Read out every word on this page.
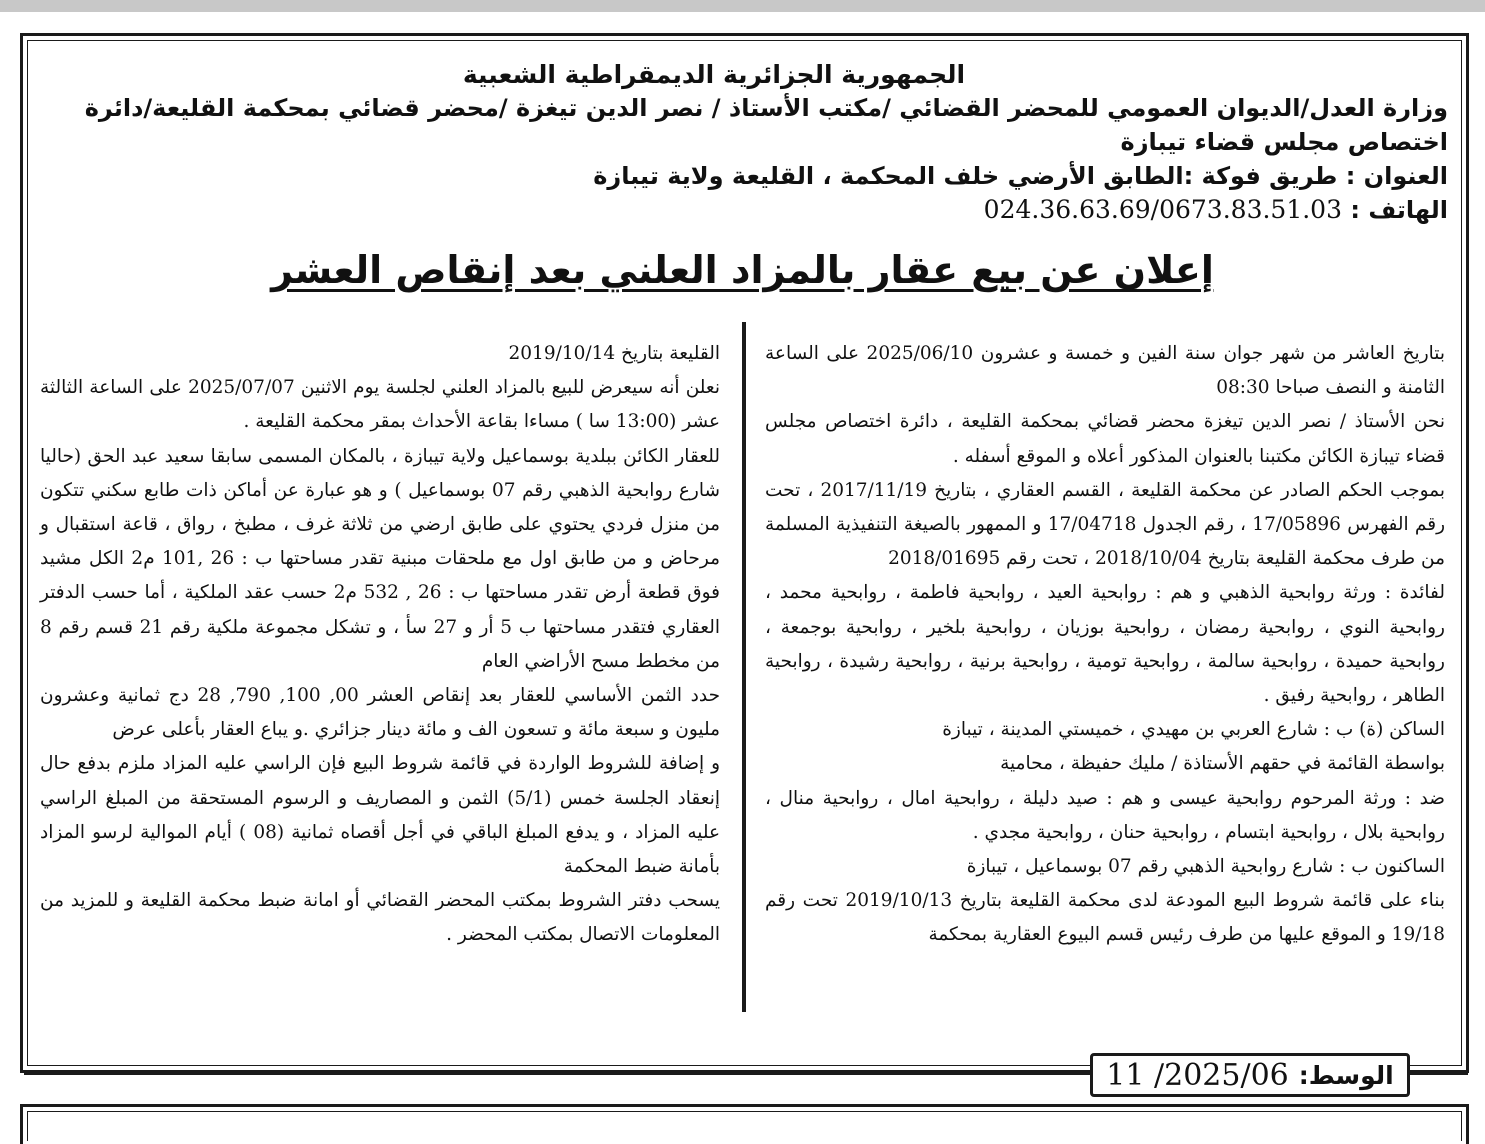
الجمهورية الجزائرية الديمقراطية الشعبية
وزارة العدل/الديوان العمومي للمحضر القضائي /مكتب الأستاذ / نصر الدين تيغزة /محضر قضائي بمحكمة القليعة/دائرة
اختصاص مجلس قضاء تيبازة
العنوان : طريق فوكة :الطابق الأرضي خلف المحكمة ، القليعة ولاية تيبازة
الهاتف : 024.36.63.69/0673.83.51.03
إعلان عن بيع عقار بالمزاد العلني بعد إنقاص العشر

بتاريخ العاشر من شهر جوان سنة الفين و خمسة و عشرون 2025/06/10 على الساعة الثامنة و النصف صباحا 08:30

نحن الأستاذ / نصر الدين تيغزة محضر قضائي بمحكمة القليعة ، دائرة اختصاص مجلس قضاء تيبازة الكائن مكتبنا بالعنوان المذكور أعلاه و الموقع أسفله .

بموجب الحكم الصادر عن محكمة القليعة ، القسم العقاري ، بتاريخ 2017/11/19 ، تحت رقم الفهرس 17/05896 ، رقم الجدول 17/04718 و الممهور بالصيغة التنفيذية المسلمة من طرف محكمة القليعة بتاريخ 2018/10/04 ، تحت رقم 2018/01695

لفائدة : ورثة روابحية الذهبي و هم : روابحية العيد ، روابحية فاطمة ، روابحية محمد ، روابحية النوي ، روابحية رمضان ، روابحية بوزيان ، روابحية بلخير ، روابحية بوجمعة ، روابحية حميدة ، روابحية سالمة ، روابحية تومية ، روابحية برنية ، روابحية رشيدة ، روابحية الطاهر ، روابحية رفيق .

الساكن (ة) ب : شارع العربي بن مهيدي ، خميستي المدينة ، تيبازة

بواسطة القائمة في حقهم الأستاذة / مليك حفيظة ، محامية

ضد : ورثة المرحوم روابحية عيسى و هم : صيد دليلة ، روابحية امال ، روابحية منال ، روابحية بلال ، روابحية ابتسام ، روابحية حنان ، روابحية مجدي .

الساكنون ب : شارع روابحية الذهبي رقم 07 بوسماعيل ، تيبازة

بناء على قائمة شروط البيع المودعة لدى محكمة القليعة بتاريخ 2019/10/13 تحت رقم 19/18 و الموقع عليها من طرف رئيس قسم البيوع العقارية بمحكمة

القليعة بتاريخ 2019/10/14

نعلن أنه سيعرض للبيع بالمزاد العلني لجلسة يوم الاثنين 2025/07/07 على الساعة الثالثة عشر (13:00 سا ) مساءا بقاعة الأحداث بمقر محكمة القليعة .

للعقار الكائن ببلدية بوسماعيل ولاية تيبازة ، بالمكان المسمى سابقا سعيد عبد الحق (حاليا شارع روابحية الذهبي رقم 07 بوسماعيل ) و هو عبارة عن أماكن ذات طابع سكني تتكون من منزل فردي يحتوي على طابق ارضي من ثلاثة غرف ، مطبخ ، رواق ، قاعة استقبال و مرحاض و من طابق اول مع ملحقات مبنية تقدر مساحتها ب : 26 ,101 م2 الكل مشيد فوق قطعة أرض تقدر مساحتها ب : 26 , 532 م2 حسب عقد الملكية ، أما حسب الدفتر العقاري فتقدر مساحتها ب 5 أر و 27 سأ ، و تشكل مجموعة ملكية رقم 21 قسم رقم 8 من مخطط مسح الأراضي العام

حدد الثمن الأساسي للعقار بعد إنقاص العشر 00, 100, 790, 28 دج ثمانية وعشرون مليون و سبعة مائة و تسعون الف و مائة دينار جزائري .و يباع العقار بأعلى عرض

و إضافة للشروط الواردة في قائمة شروط البيع فإن الراسي عليه المزاد ملزم بدفع حال إنعقاد الجلسة خمس (5/1) الثمن و المصاريف و الرسوم المستحقة من المبلغ الراسي عليه المزاد ، و يدفع المبلغ الباقي في أجل أقصاه ثمانية (08 ) أيام الموالية لرسو المزاد بأمانة ضبط المحكمة

يسحب دفتر الشروط بمكتب المحضر القضائي أو امانة ضبط محكمة القليعة و للمزيد من المعلومات الاتصال بمكتب المحضر .

الوسط:
2025/06/ 11
